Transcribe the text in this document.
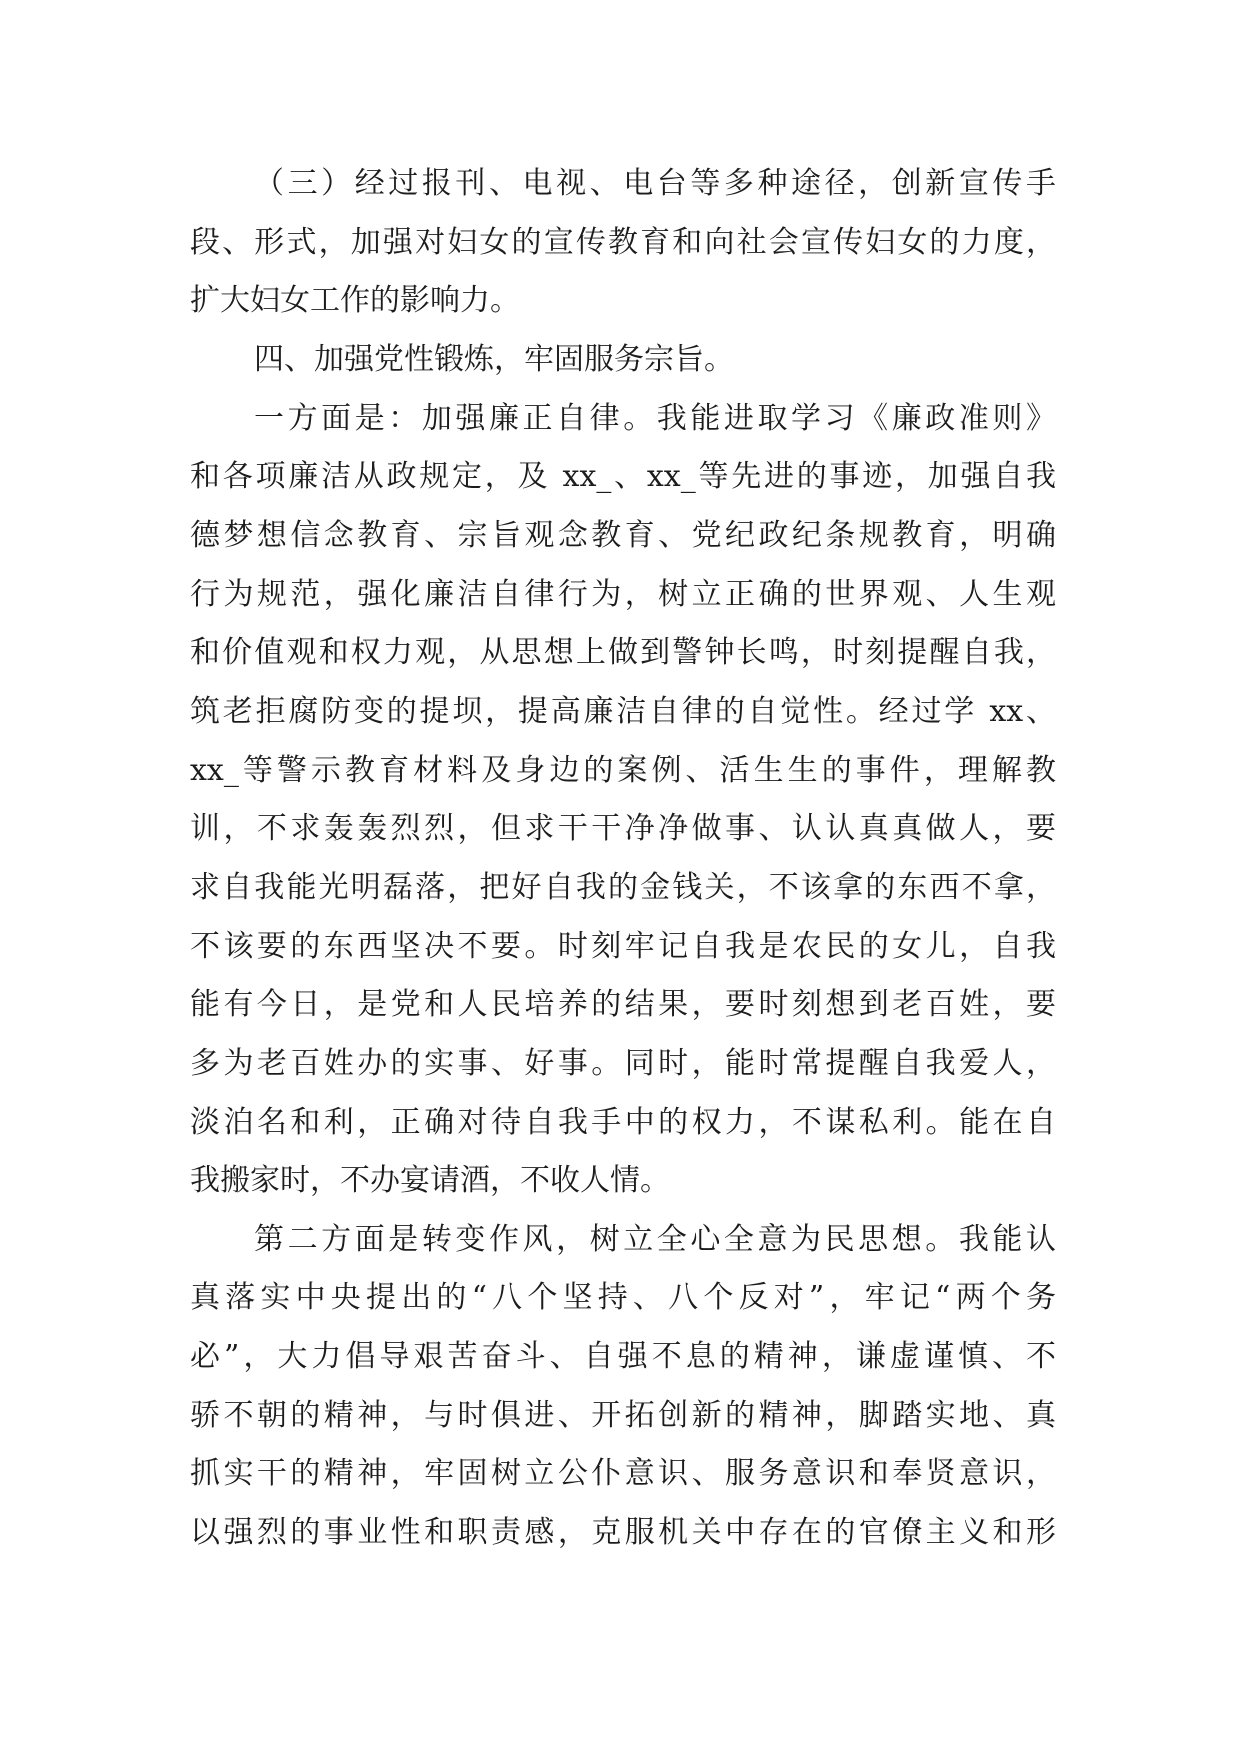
（三）经过报刊、电视、电台等多种途径，创新宣传手
段、形式，加强对妇女的宣传教育和向社会宣传妇女的力度，
扩大妇女工作的影响力。
四、加强党性锻炼，牢固服务宗旨。
一方面是：加强廉正自律。我能进取学习《廉政准则》
和各项廉洁从政规定，及 xx_、xx_等先进的事迹，加强自我
德梦想信念教育、宗旨观念教育、党纪政纪条规教育，明确
行为规范，强化廉洁自律行为，树立正确的世界观、人生观
和价值观和权力观，从思想上做到警钟长鸣，时刻提醒自我，
筑老拒腐防变的提坝，提高廉洁自律的自觉性。经过学 xx、
xx_等警示教育材料及身边的案例、活生生的事件，理解教
训，不求轰轰烈烈，但求干干净净做事、认认真真做人，要
求自我能光明磊落，把好自我的金钱关，不该拿的东西不拿，
不该要的东西坚决不要。时刻牢记自我是农民的女儿，自我
能有今日，是党和人民培养的结果，要时刻想到老百姓，要
多为老百姓办的实事、好事。同时，能时常提醒自我爱人，
淡泊名和利，正确对待自我手中的权力，不谋私利。能在自
我搬家时，不办宴请酒，不收人情。
第二方面是转变作风，树立全心全意为民思想。我能认
真落实中央提出的“八个坚持、八个反对”，牢记“两个务
必”，大力倡导艰苦奋斗、自强不息的精神，谦虚谨慎、不
骄不朝的精神，与时俱进、开拓创新的精神，脚踏实地、真
抓实干的精神，牢固树立公仆意识、服务意识和奉贤意识，
以强烈的事业性和职责感，克服机关中存在的官僚主义和形
